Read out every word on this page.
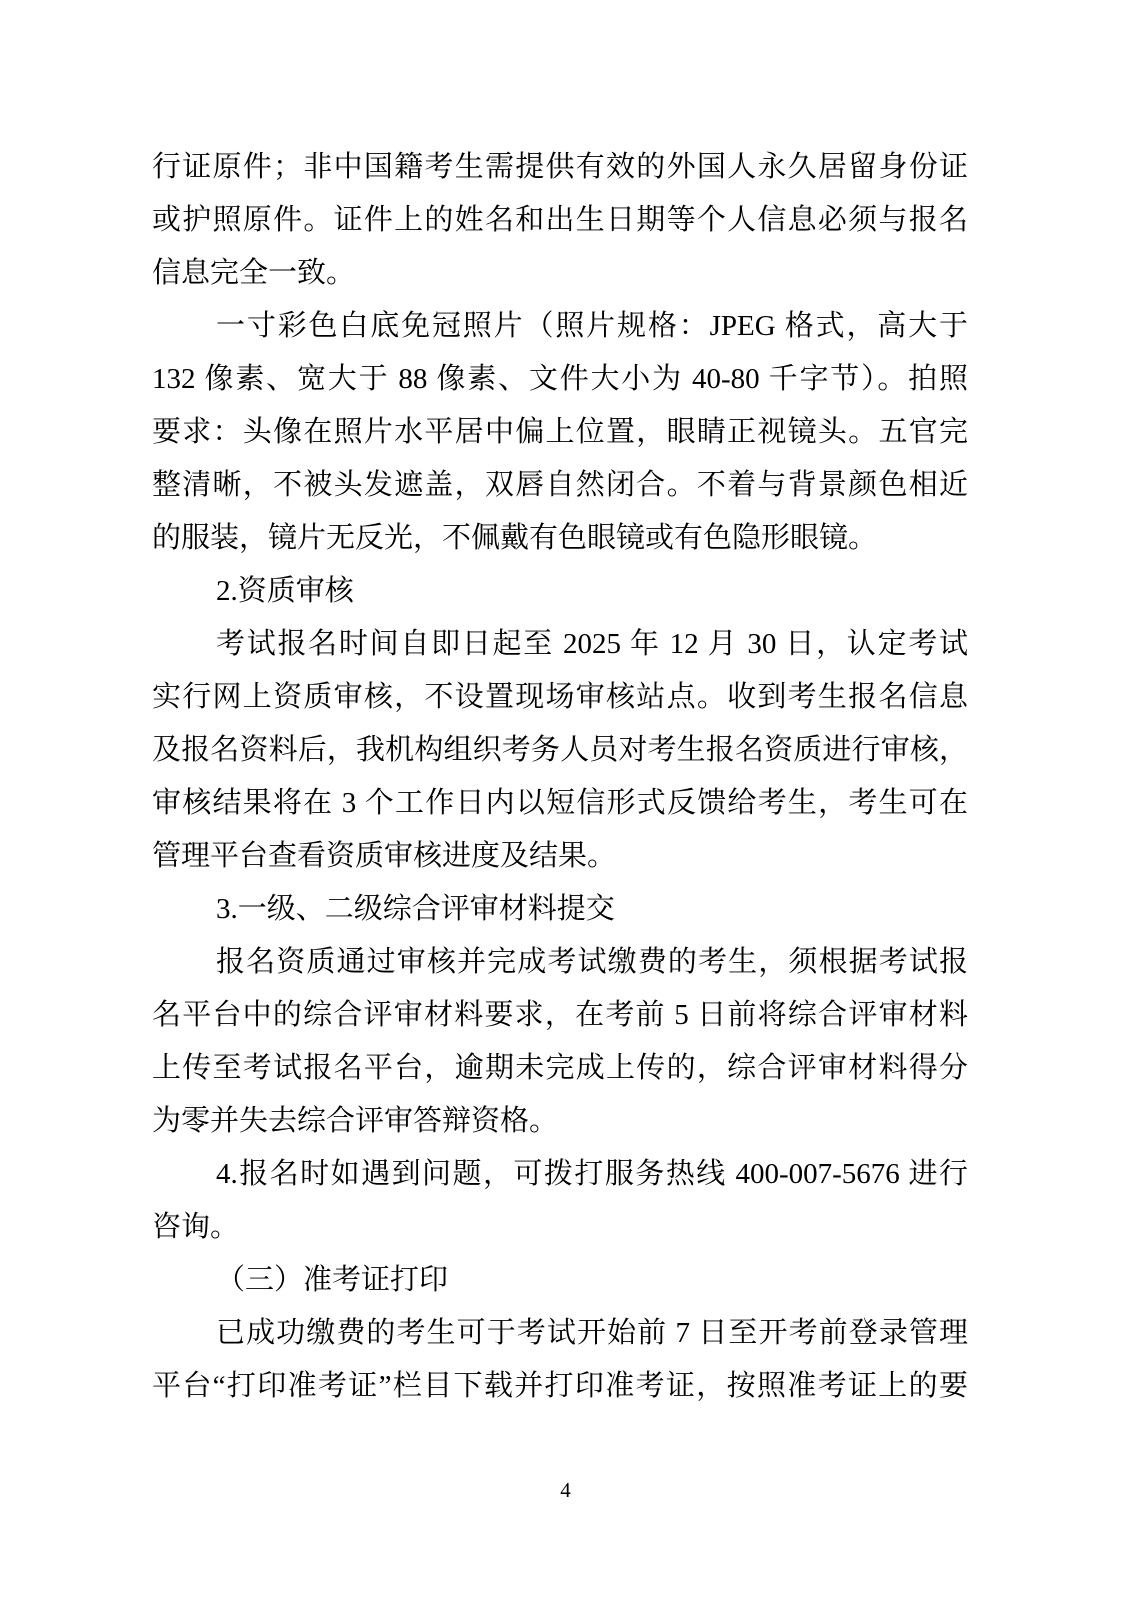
行证原件；非中国籍考生需提供有效的外国人永久居留身份证
或护照原件。证件上的姓名和出生日期等个人信息必须与报名
信息完全一致。
一寸彩色白底免冠照片（照片规格：JPEG 格式，高大于
132 像素、宽大于 88 像素、文件大小为 40-80 千字节）。拍照
要求：头像在照片水平居中偏上位置，眼睛正视镜头。五官完
整清晰，不被头发遮盖，双唇自然闭合。不着与背景颜色相近
的服装，镜片无反光，不佩戴有色眼镜或有色隐形眼镜。
2.资质审核
考试报名时间自即日起至 2025 年 12 月 30 日，认定考试
实行网上资质审核，不设置现场审核站点。收到考生报名信息
及报名资料后，我机构组织考务人员对考生报名资质进行审核，
审核结果将在 3 个工作日内以短信形式反馈给考生，考生可在
管理平台查看资质审核进度及结果。
3.一级、二级综合评审材料提交
报名资质通过审核并完成考试缴费的考生，须根据考试报
名平台中的综合评审材料要求，在考前 5 日前将综合评审材料
上传至考试报名平台，逾期未完成上传的，综合评审材料得分
为零并失去综合评审答辩资格。
4.报名时如遇到问题，可拨打服务热线 400-007-5676 进行
咨询。
（三）准考证打印
已成功缴费的考生可于考试开始前 7 日至开考前登录管理
平台“打印准考证”栏目下载并打印准考证，按照准考证上的要
4
